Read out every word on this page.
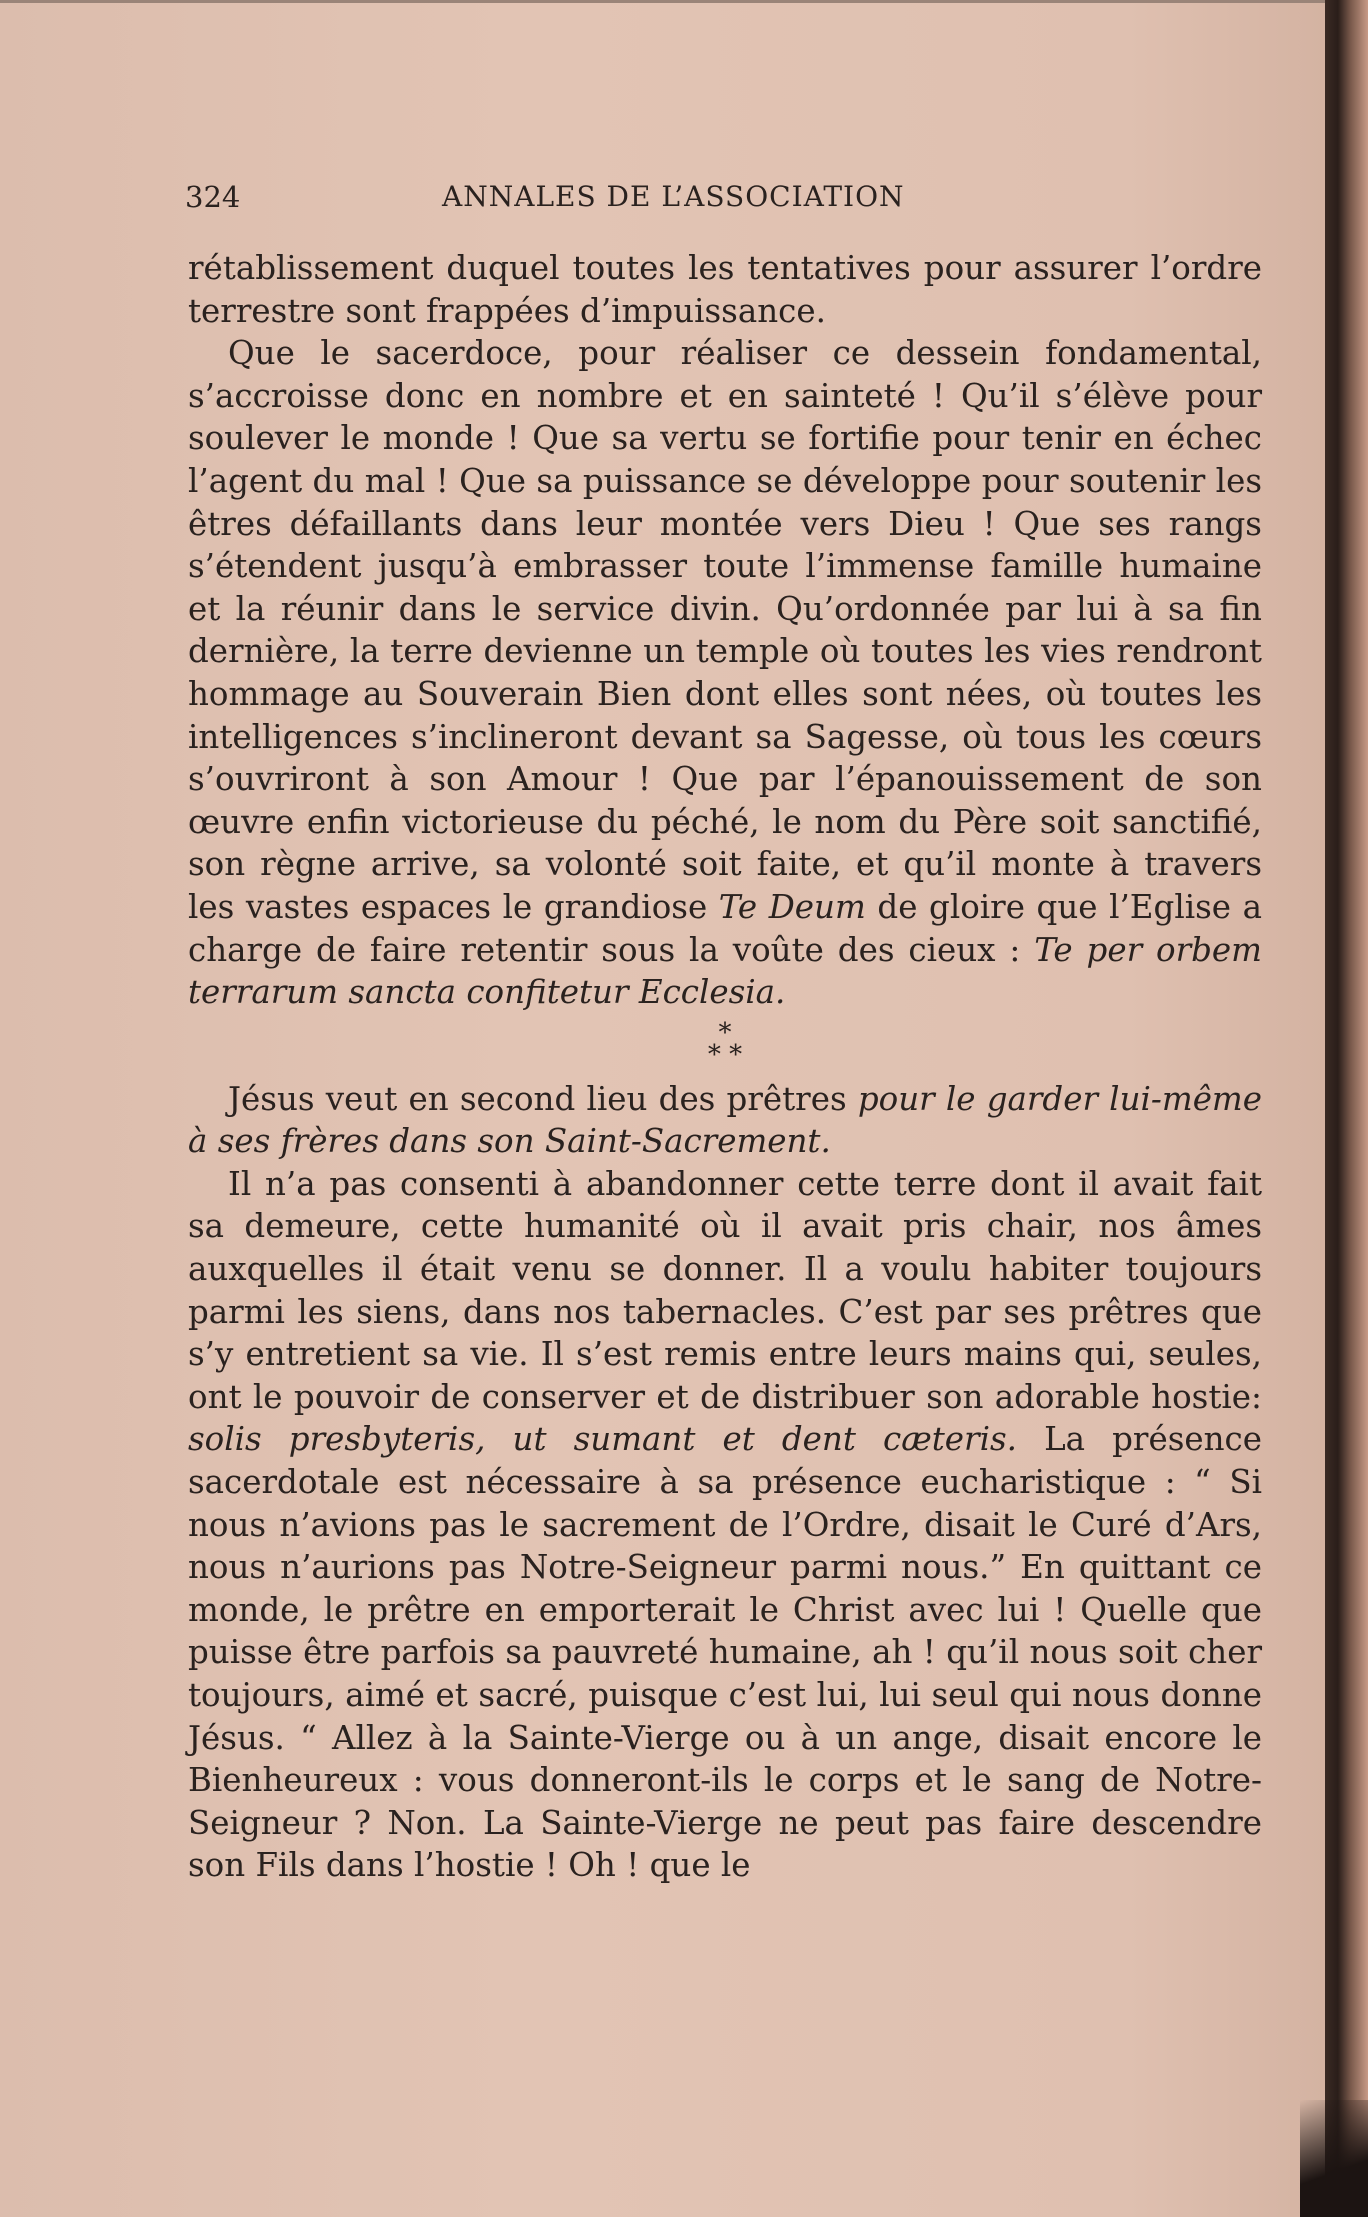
324	ANNALES DE L’ASSOCIATION

rétablissement duquel toutes les tentatives pour assurer l’ordre terrestre sont frappées d’impuissance.

Que le sacerdoce, pour réaliser ce dessein fondamental, s’accroisse donc en nombre et en sainteté ! Qu’il s’élève pour soulever le monde ! Que sa vertu se fortifie pour tenir en échec l’agent du mal ! Que sa puissance se développe pour soutenir les êtres défaillants dans leur montée vers Dieu ! Que ses rangs s’étendent jusqu’à embrasser toute l’immense famille humaine et la réunir dans le service divin. Qu’ordonnée par lui à sa fin dernière, la terre devienne un temple où toutes les vies rendront hommage au Souverain Bien dont elles sont nées, où toutes les intelligences s’inclineront devant sa Sagesse, où tous les cœurs s’ouvriront à son Amour ! Que par l’épanouissement de son œuvre enfin victorieuse du péché, le nom du Père soit sanctifié, son règne arrive, sa volonté soit faite, et qu’il monte à travers les vastes espaces le grandiose Te Deum de gloire que l’Eglise a charge de faire retentir sous la voûte des cieux : Te per orbem terrarum sancta confitetur Ecclesia.

*
* *

Jésus veut en second lieu des prêtres pour le garder lui-même à ses frères dans son Saint-Sacrement.

Il n’a pas consenti à abandonner cette terre dont il avait fait sa demeure, cette humanité où il avait pris chair, nos âmes auxquelles il était venu se donner. Il a voulu habiter toujours parmi les siens, dans nos tabernacles. C’est par ses prêtres que s’y entretient sa vie. Il s’est remis entre leurs mains qui, seules, ont le pouvoir de conserver et de distribuer son adorable hostie: solis presbyteris, ut sumant et dent cæteris. La présence sacerdotale est nécessaire à sa présence eucharistique : “ Si nous n’avions pas le sacrement de l’Ordre, disait le Curé d’Ars, nous n’aurions pas Notre-Seigneur parmi nous.” En quittant ce monde, le prêtre en emporterait le Christ avec lui ! Quelle que puisse être parfois sa pauvreté humaine, ah ! qu’il nous soit cher toujours, aimé et sacré, puisque c’est lui, lui seul qui nous donne Jésus. “ Allez à la Sainte-Vierge ou à un ange, disait encore le Bienheureux : vous donneront-ils le corps et le sang de Notre-Seigneur ? Non. La Sainte-Vierge ne peut pas faire descendre son Fils dans l’hostie ! Oh ! que le
